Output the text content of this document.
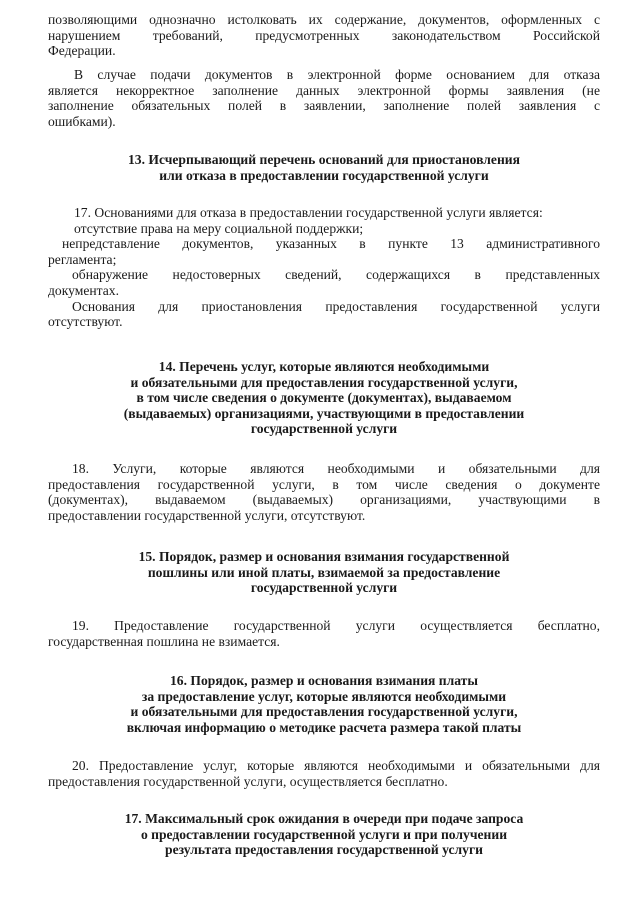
позволяющими однозначно истолковать их содержание, документов, оформленных с
нарушением требований, предусмотренных законодательством Российской
Федерации.
В случае подачи документов в электронной форме основанием для отказа
является некорректное заполнение данных электронной формы заявления (не
заполнение обязательных полей в заявлении, заполнение полей заявления с
ошибками).
13. Исчерпывающий перечень оснований для приостановления
или отказа в предоставлении государственной услуги
17. Основаниями для отказа в предоставлении государственной услуги является:
отсутствие права на меру социальной поддержки;
непредставление документов, указанных в пункте 13 административного
регламента;
обнаружение недостоверных сведений, содержащихся в представленных
документах.
Основания для приостановления предоставления государственной услуги
отсутствуют.
14. Перечень услуг, которые являются необходимыми
и обязательными для предоставления государственной услуги,
в том числе сведения о документе (документах), выдаваемом
(выдаваемых) организациями, участвующими в предоставлении
государственной услуги
18. Услуги, которые являются необходимыми и обязательными для
предоставления государственной услуги, в том числе сведения о документе
(документах), выдаваемом (выдаваемых) организациями, участвующими в
предоставлении государственной услуги, отсутствуют.
15. Порядок, размер и основания взимания государственной
пошлины или иной платы, взимаемой за предоставление
государственной услуги
19. Предоставление государственной услуги осуществляется бесплатно,
государственная пошлина не взимается.
16. Порядок, размер и основания взимания платы
за предоставление услуг, которые являются необходимыми
и обязательными для предоставления государственной услуги,
включая информацию о методике расчета размера такой платы
20. Предоставление услуг, которые являются необходимыми и обязательными для
предоставления государственной услуги, осуществляется бесплатно.
17. Максимальный срок ожидания в очереди при подаче запроса
о предоставлении государственной услуги и при получении
результата предоставления государственной услуги
